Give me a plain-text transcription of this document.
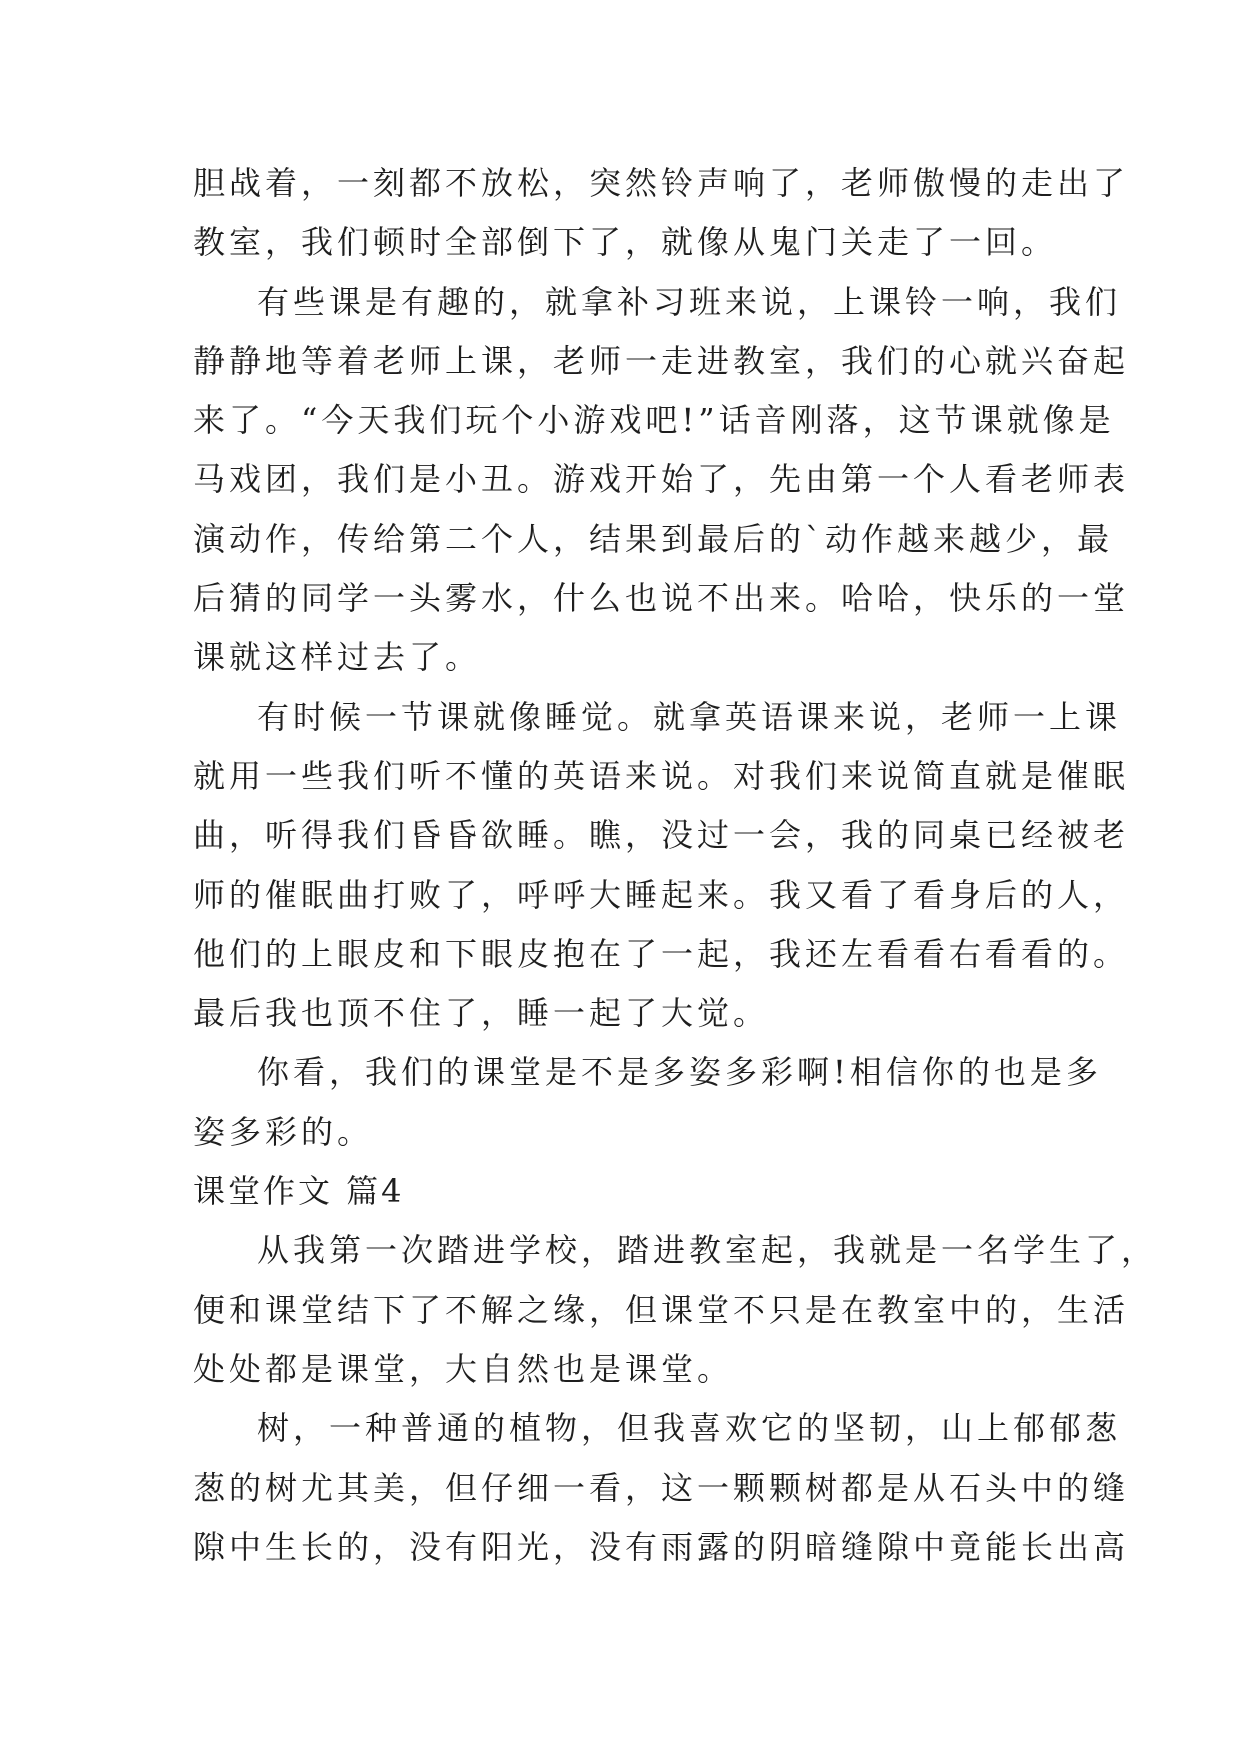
胆战着，一刻都不放松，突然铃声响了，老师傲慢的走出了
教室，我们顿时全部倒下了，就像从鬼门关走了一回。
有些课是有趣的，就拿补习班来说，上课铃一响，我们
静静地等着老师上课，老师一走进教室，我们的心就兴奋起
来了。“今天我们玩个小游戏吧!”话音刚落，这节课就像是
马戏团，我们是小丑。游戏开始了，先由第一个人看老师表
演动作，传给第二个人，结果到最后的`动作越来越少，最
后猜的同学一头雾水，什么也说不出来。哈哈，快乐的一堂
课就这样过去了。
有时候一节课就像睡觉。就拿英语课来说，老师一上课
就用一些我们听不懂的英语来说。对我们来说简直就是催眠
曲，听得我们昏昏欲睡。瞧，没过一会，我的同桌已经被老
师的催眠曲打败了，呼呼大睡起来。我又看了看身后的人，
他们的上眼皮和下眼皮抱在了一起，我还左看看右看看的。
最后我也顶不住了，睡一起了大觉。
你看，我们的课堂是不是多姿多彩啊!相信你的也是多
姿多彩的。
课堂作文 篇4
从我第一次踏进学校，踏进教室起，我就是一名学生了，
便和课堂结下了不解之缘，但课堂不只是在教室中的，生活
处处都是课堂，大自然也是课堂。
树，一种普通的植物，但我喜欢它的坚韧，山上郁郁葱
葱的树尤其美，但仔细一看，这一颗颗树都是从石头中的缝
隙中生长的，没有阳光，没有雨露的阴暗缝隙中竟能长出高
